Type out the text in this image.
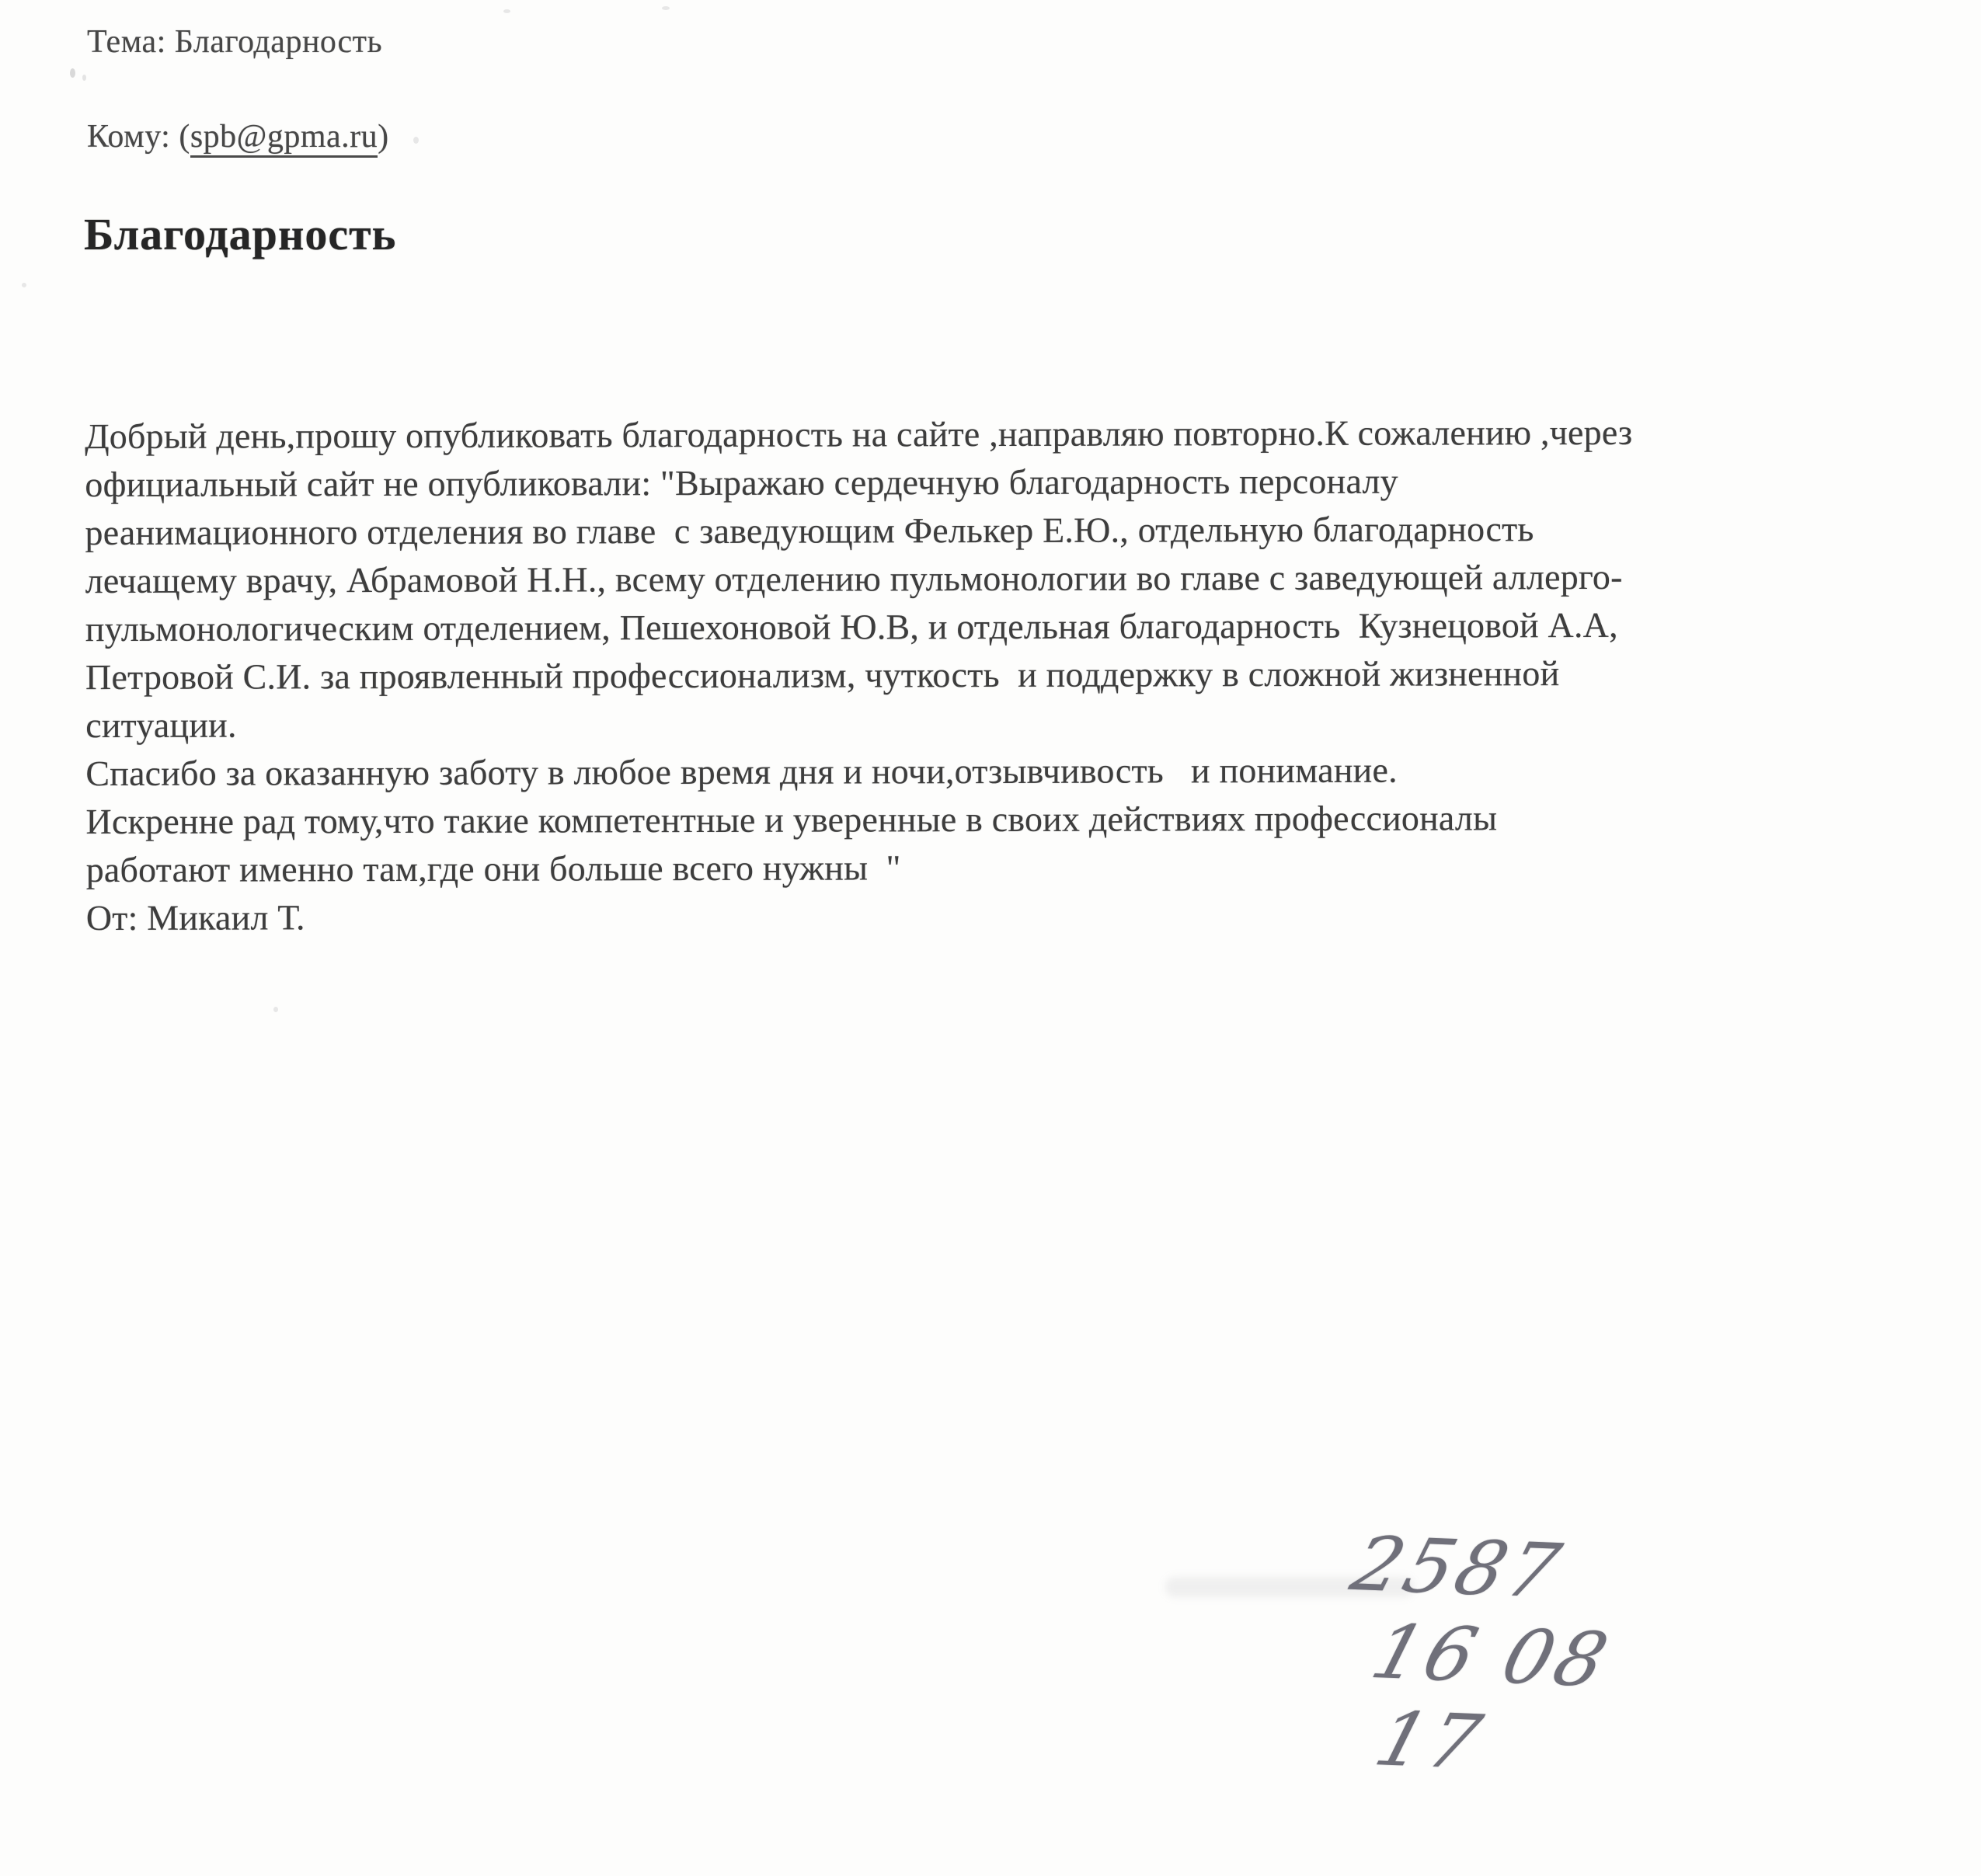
Тема: Благодарность
Кому: (spb@gpma.ru)
Благодарность
Добрый день,прошу опубликовать благодарность на сайте ,направляю повторно.К сожалению ,через
официальный сайт не опубликовали: "Выражаю сердечную благодарность персоналу
реанимационного отделения во главе  с заведующим Фелькер Е.Ю., отдельную благодарность
лечащему врачу, Абрамовой Н.Н., всему отделению пульмонологии во главе с заведующей аллерго-
пульмонологическим отделением, Пешехоновой Ю.В, и отдельная благодарность  Кузнецовой А.А,
Петровой С.И. за проявленный профессионализм, чуткость  и поддержку в сложной жизненной
ситуации.
Спасибо за оказанную заботу в любое время дня и ночи,отзывчивость   и понимание.
Искренне рад тому,что такие компетентные и уверенные в своих действиях профессионалы
работают именно там,где они больше всего нужны  "
От: Микаил Т.

2587
16 08
17
